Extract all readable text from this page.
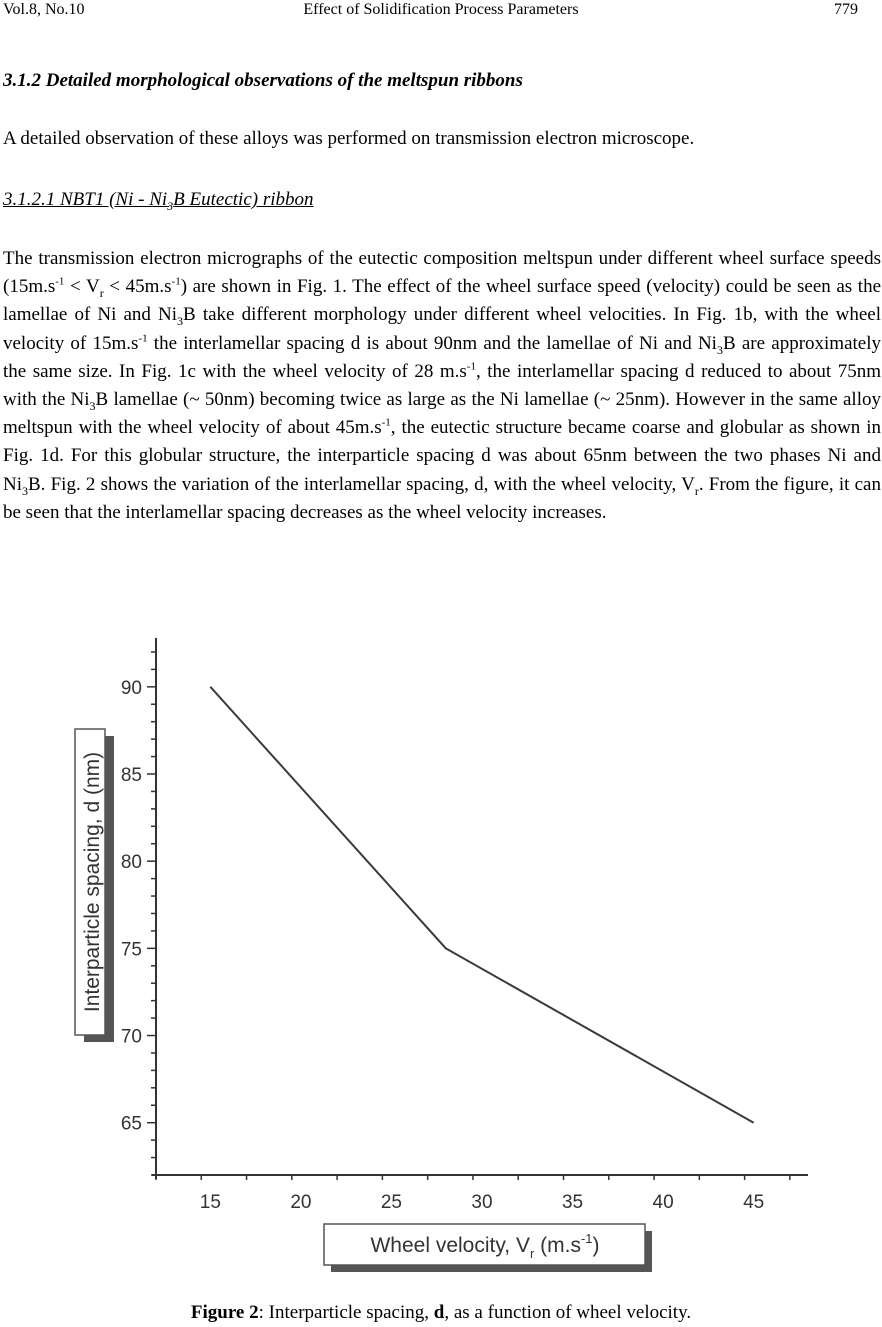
Vol.8, No.10	Effect of Solidification Process Parameters	779
3.1.2 Detailed morphological observations of the meltspun ribbons
A detailed observation of these alloys was performed on transmission electron microscope.
3.1.2.1 NBT1 ($Ni - Ni_3B$ Eutectic) ribbon

The transmission electron micrographs of the eutectic composition meltspun under different wheel surface speeds $(15m.s^{-1} < V_r < 45m.s^{-1})$ are shown in Fig. 1. The effect of the wheel surface speed (velocity) could be seen as the lamellae of Ni and $Ni_3B$ take different morphology under different wheel velocities. In Fig. 1b, with the wheel velocity of $15m.s^{-1}$ the interlamellar spacing d is about 90nm and the lamellae of Ni and $Ni_3B$ are approximately the same size. In Fig. 1c with the wheel velocity of 28 $m.s^{-1}$, the interlamellar spacing d reduced to about 75nm with the $Ni_3B$ lamellae (~ 50nm) becoming twice as large as the Ni lamellae (~ 25nm). However in the same alloy meltspun with the wheel velocity of about $45m.s^{-1}$, the eutectic structure became coarse and globular as shown in Fig. 1d. For this globular structure, the interparticle spacing d was about 65nm between the two phases Ni and $Ni_3B$. Fig. 2 shows the variation of the interlamellar spacing, d, with the wheel velocity, $V_r$. From the figure, it can be seen that the interlamellar spacing decreases as the wheel velocity increases.

15	20	25	30	35	40	45
65
70
75
80
85
90
Interparticle spacing, d (nm)
Wheel velocity, $V_r$ $(m.s^{-1})$
Figure 2: Interparticle spacing, d, as a function of wheel velocity.
